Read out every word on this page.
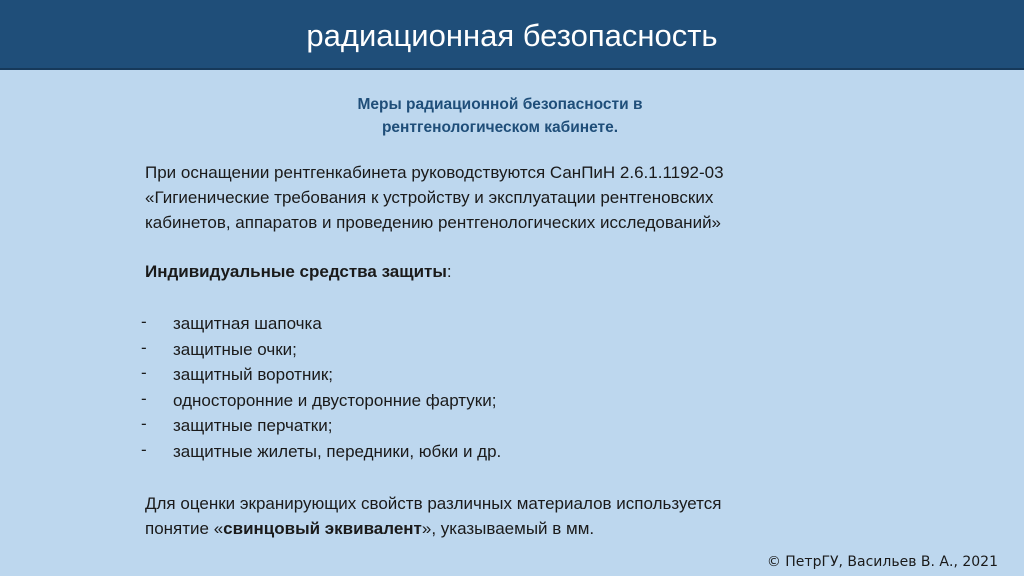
радиационная безопасность
Меры радиационной безопасности в
рентгенологическом кабинете.
При оснащении рентгенкабинета руководствуются СанПиН 2.6.1.1192-03
«Гигиенические требования к устройству и эксплуатации рентгеновских
кабинетов, аппаратов и проведению рентгенологических исследований»
Индивидуальные средства защиты:
- защитная шапочка
- защитные очки;
- защитный воротник;
- односторонние и двусторонние фартуки;
- защитные перчатки;
- защитные жилеты, передники, юбки и др.
Для оценки экранирующих свойств различных материалов используется
понятие «свинцовый эквивалент», указываемый в мм.
© ПетрГУ, Васильев В. А., 2021
